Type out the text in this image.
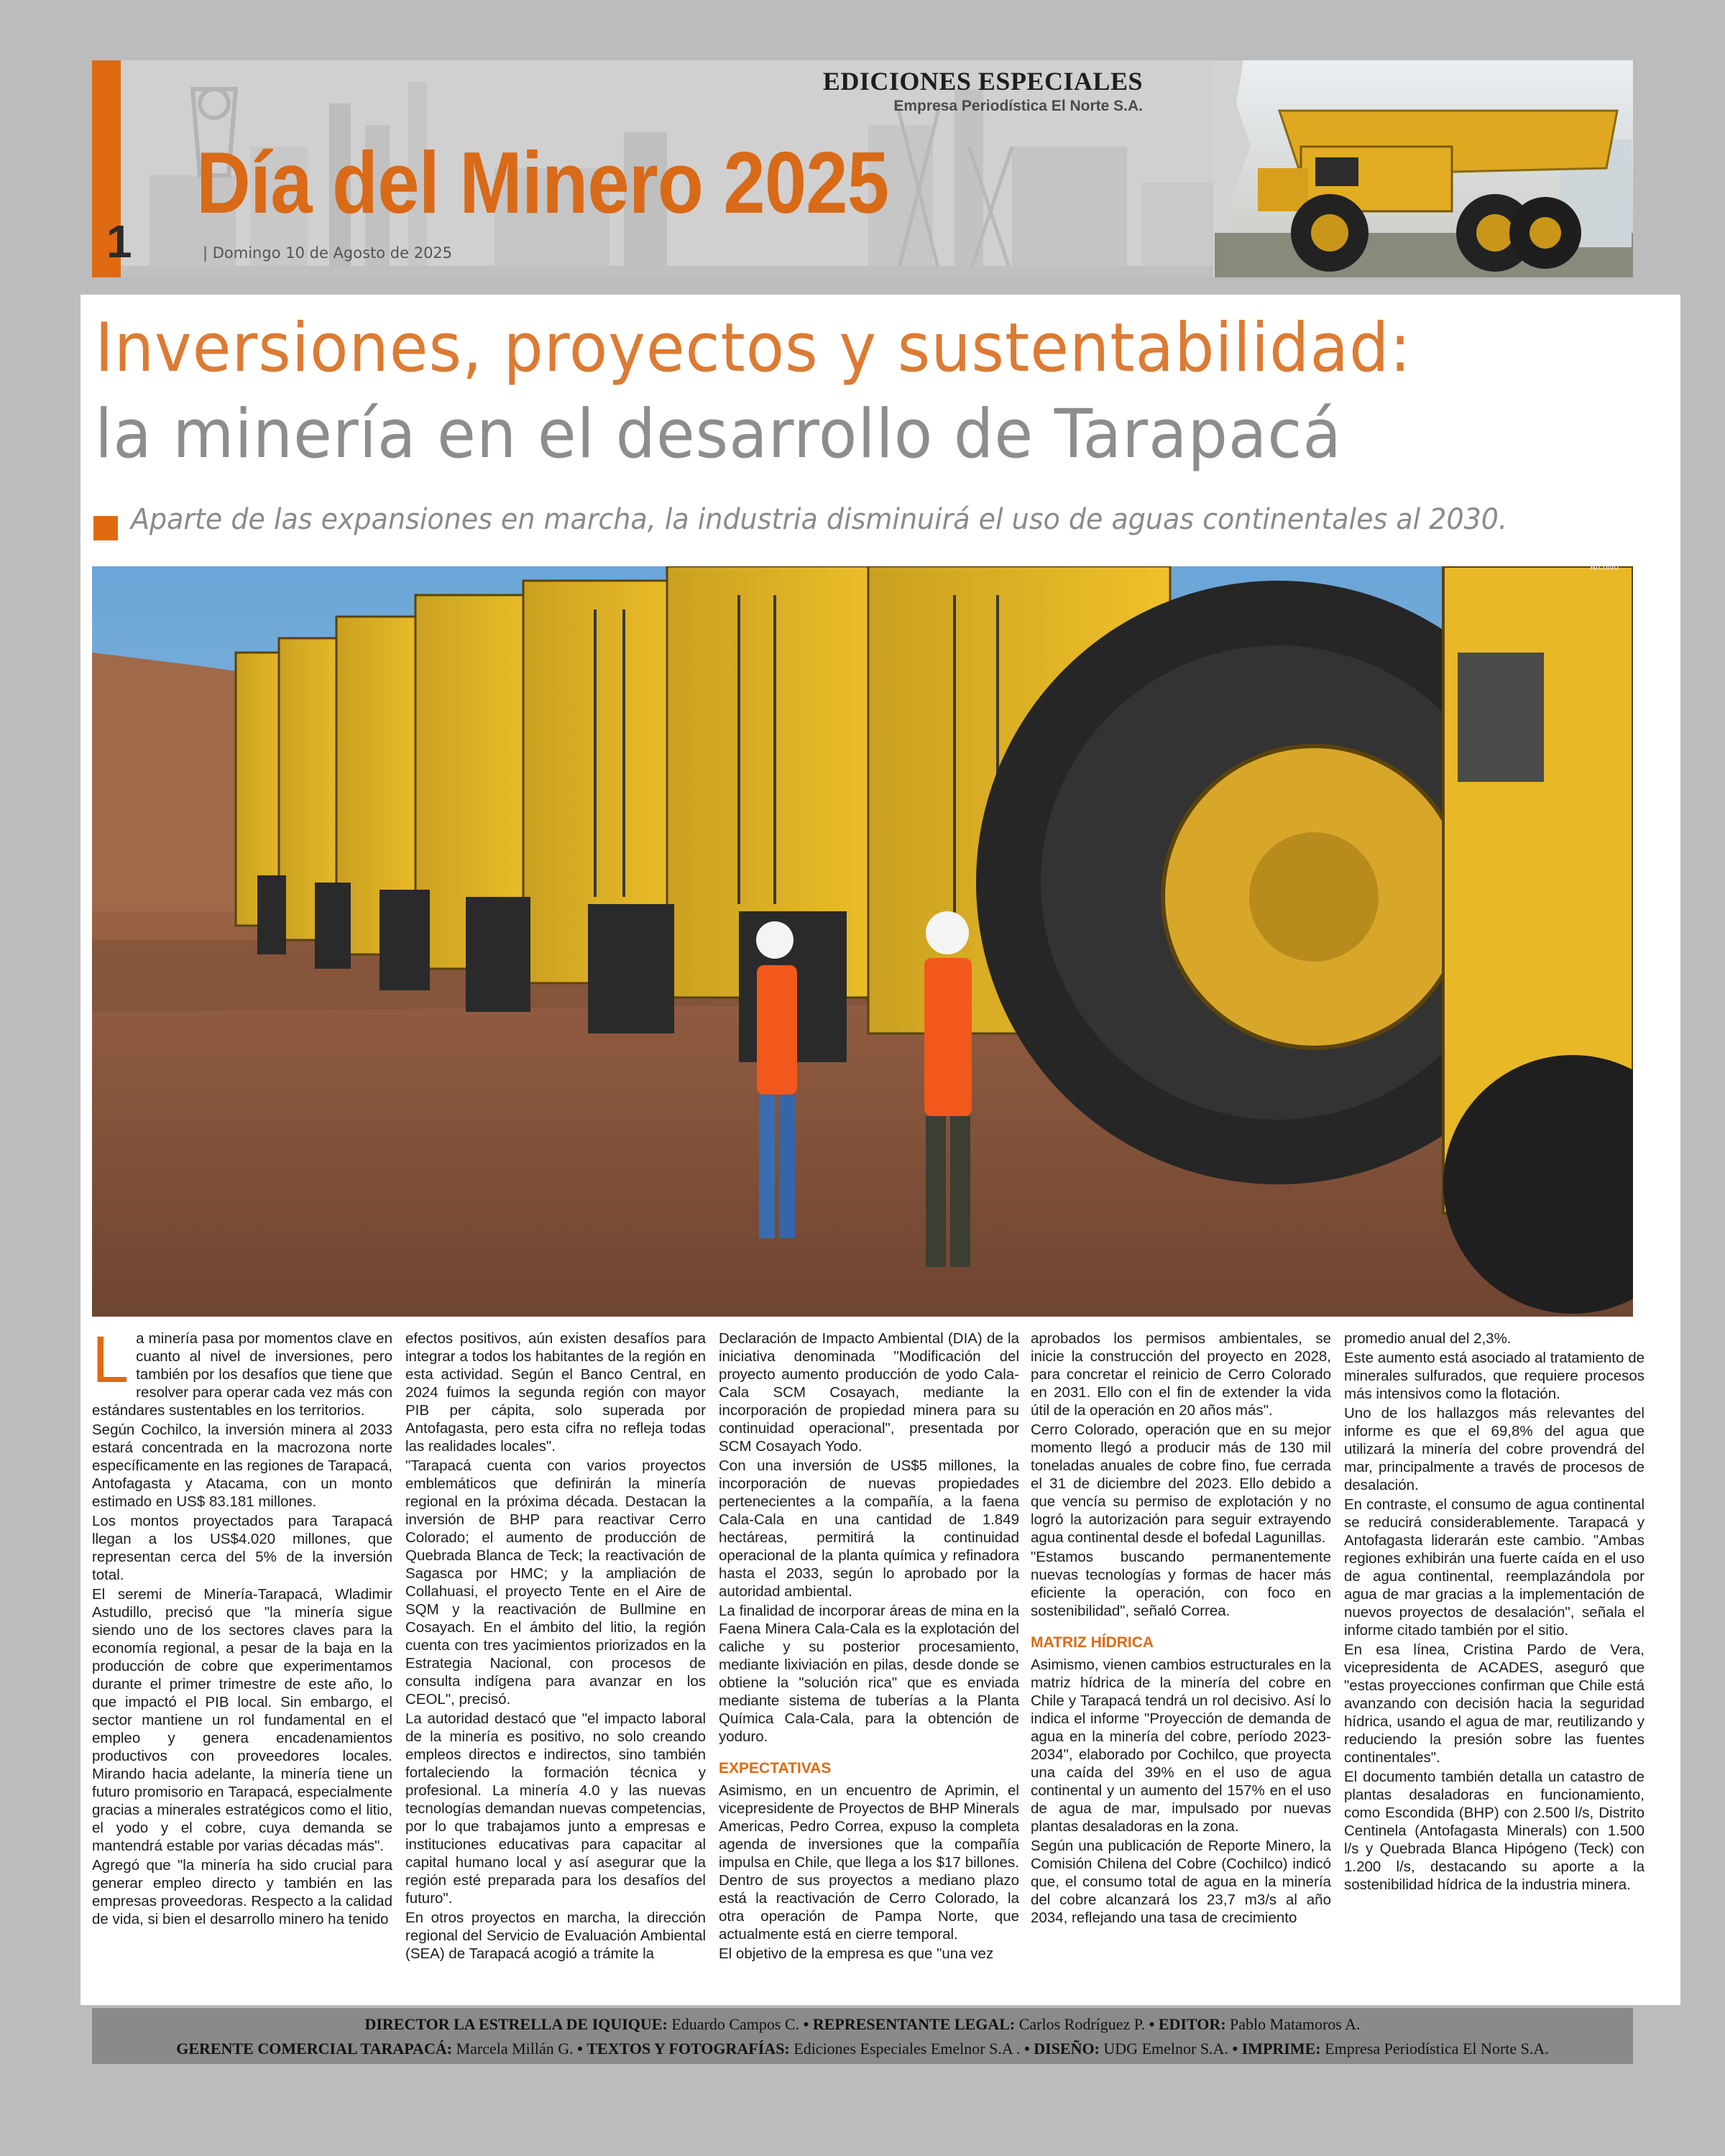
1
EDICIONES ESPECIALES
Empresa Periodística El Norte S.A.
Día del Minero 2025
| Domingo 10 de Agosto de 2025
Inversiones, proyectos y sustentabilidad:
la minería en el desarrollo de Tarapacá
Aparte de las expansiones en marcha, la industria disminuirá el uso de aguas continentales al 2030.
Archivo

La minería pasa por momentos clave en cuanto al nivel de inversiones, pero también por los desafíos que tiene que resolver para operar cada vez más con estándares sustentables en los territorios.

Según Cochilco, la inversión minera al 2033 estará concentrada en la macrozona norte específicamente en las regiones de Tarapacá, Antofagasta y Atacama, con un monto estimado en US$ 83.181 millones.

Los montos proyectados para Tarapacá llegan a los US$4.020 millones, que representan cerca del 5% de la inversión total.

El seremi de Minería-Tarapacá, Wladimir Astudillo, precisó que "la minería sigue siendo uno de los sectores claves para la economía regional, a pesar de la baja en la producción de cobre que experimentamos durante el primer trimestre de este año, lo que impactó el PIB local. Sin embargo, el sector mantiene un rol fundamental en el empleo y genera encadenamientos productivos con proveedores locales. Mirando hacia adelante, la minería tiene un futuro promisorio en Tarapacá, especialmente gracias a minerales estratégicos como el litio, el yodo y el cobre, cuya demanda se mantendrá estable por varias décadas más".

Agregó que "la minería ha sido crucial para generar empleo directo y también en las empresas proveedoras. Respecto a la calidad de vida, si bien el desarrollo minero ha tenido

efectos positivos, aún existen desafíos para integrar a todos los habitantes de la región en esta actividad. Según el Banco Central, en 2024 fuimos la segunda región con mayor PIB per cápita, solo superada por Antofagasta, pero esta cifra no refleja todas las realidades locales".

"Tarapacá cuenta con varios proyectos emblemáticos que definirán la minería regional en la próxima década. Destacan la inversión de BHP para reactivar Cerro Colorado; el aumento de producción de Quebrada Blanca de Teck; la reactivación de Sagasca por HMC; y la ampliación de Collahuasi, el proyecto Tente en el Aire de SQM y la reactivación de Bullmine en Cosayach. En el ámbito del litio, la región cuenta con tres yacimientos priorizados en la Estrategia Nacional, con procesos de consulta indígena para avanzar en los CEOL", precisó.

La autoridad destacó que "el impacto laboral de la minería es positivo, no solo creando empleos directos e indirectos, sino también fortaleciendo la formación técnica y profesional. La minería 4.0 y las nuevas tecnologías demandan nuevas competencias, por lo que trabajamos junto a empresas e instituciones educativas para capacitar al capital humano local y así asegurar que la región esté preparada para los desafíos del futuro".

En otros proyectos en marcha, la dirección regional del Servicio de Evaluación Ambiental (SEA) de Tarapacá acogió a trámite la

Declaración de Impacto Ambiental (DIA) de la iniciativa denominada "Modificación del proyecto aumento producción de yodo Cala-Cala SCM Cosayach, mediante la incorporación de propiedad minera para su continuidad operacional", presentada por SCM Cosayach Yodo.

Con una inversión de US$5 millones, la incorporación de nuevas propiedades pertenecientes a la compañía, a la faena Cala-Cala en una cantidad de 1.849 hectáreas, permitirá la continuidad operacional de la planta química y refinadora hasta el 2033, según lo aprobado por la autoridad ambiental.

La finalidad de incorporar áreas de mina en la Faena Minera Cala-Cala es la explotación del caliche y su posterior procesamiento, mediante lixiviación en pilas, desde donde se obtiene la "solución rica" que es enviada mediante sistema de tuberías a la Planta Química Cala-Cala, para la obtención de yoduro.

EXPECTATIVAS

Asimismo, en un encuentro de Aprimin, el vicepresidente de Proyectos de BHP Minerals Americas, Pedro Correa, expuso la completa agenda de inversiones que la compañía impulsa en Chile, que llega a los $17 billones. Dentro de sus proyectos a mediano plazo está la reactivación de Cerro Colorado, la otra operación de Pampa Norte, que actualmente está en cierre temporal.

El objetivo de la empresa es que "una vez

aprobados los permisos ambientales, se inicie la construcción del proyecto en 2028, para concretar el reinicio de Cerro Colorado en 2031. Ello con el fin de extender la vida útil de la operación en 20 años más".

Cerro Colorado, operación que en su mejor momento llegó a producir más de 130 mil toneladas anuales de cobre fino, fue cerrada el 31 de diciembre del 2023. Ello debido a que vencía su permiso de explotación y no logró la autorización para seguir extrayendo agua continental desde el bofedal Lagunillas.

"Estamos buscando permanentemente nuevas tecnologías y formas de hacer más eficiente la operación, con foco en sostenibilidad", señaló Correa.

MATRIZ HÍDRICA

Asimismo, vienen cambios estructurales en la matriz hídrica de la minería del cobre en Chile y Tarapacá tendrá un rol decisivo. Así lo indica el informe "Proyección de demanda de agua en la minería del cobre, período 2023-2034", elaborado por Cochilco, que proyecta una caída del 39% en el uso de agua continental y un aumento del 157% en el uso de agua de mar, impulsado por nuevas plantas desaladoras en la zona.

Según una publicación de Reporte Minero, la Comisión Chilena del Cobre (Cochilco) indicó que, el consumo total de agua en la minería del cobre alcanzará los 23,7 m3/s al año 2034, reflejando una tasa de crecimiento

promedio anual del 2,3%.

Este aumento está asociado al tratamiento de minerales sulfurados, que requiere procesos más intensivos como la flotación.

Uno de los hallazgos más relevantes del informe es que el 69,8% del agua que utilizará la minería del cobre provendrá del mar, principalmente a través de procesos de desalación.

En contraste, el consumo de agua continental se reducirá considerablemente. Tarapacá y Antofagasta liderarán este cambio. "Ambas regiones exhibirán una fuerte caída en el uso de agua continental, reemplazándola por agua de mar gracias a la implementación de nuevos proyectos de desalación", señala el informe citado también por el sitio.

En esa línea, Cristina Pardo de Vera, vicepresidenta de ACADES, aseguró que "estas proyecciones confirman que Chile está avanzando con decisión hacia la seguridad hídrica, usando el agua de mar, reutilizando y reduciendo la presión sobre las fuentes continentales".

El documento también detalla un catastro de plantas desaladoras en funcionamiento, como Escondida (BHP) con 2.500 l/s, Distrito Centinela (Antofagasta Minerals) con 1.500 l/s y Quebrada Blanca Hipógeno (Teck) con 1.200 l/s, destacando su aporte a la sostenibilidad hídrica de la industria minera.

DIRECTOR LA ESTRELLA DE IQUIQUE: Eduardo Campos C. • REPRESENTANTE LEGAL: Carlos Rodríguez P. • EDITOR: Pablo Matamoros A.
GERENTE COMERCIAL TARAPACÁ: Marcela Millán G. • TEXTOS Y FOTOGRAFÍAS: Ediciones Especiales Emelnor S.A . • DISEÑO: UDG Emelnor S.A. • IMPRIME: Empresa Periodística El Norte S.A.
